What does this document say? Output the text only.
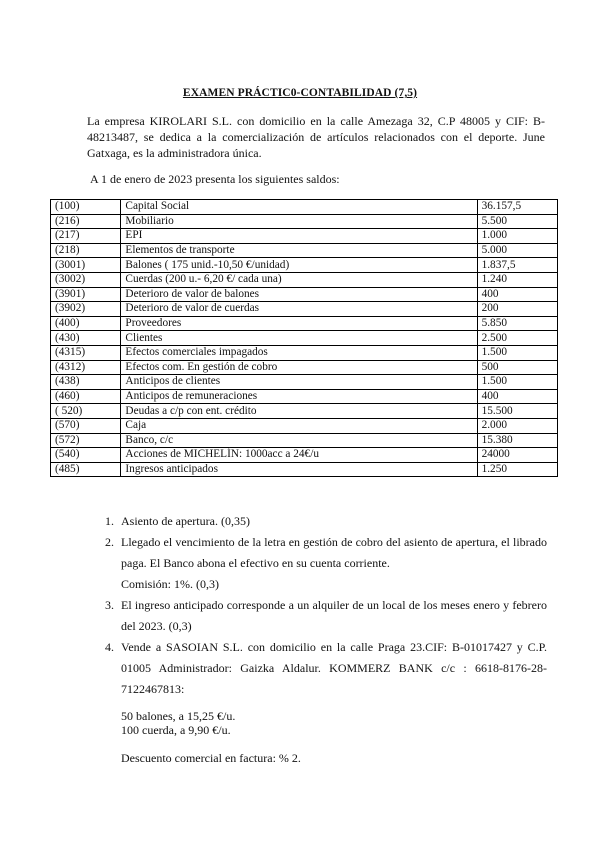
EXAMEN PRÁCTIC0-CONTABILIDAD (7,5)
La empresa KIROLARI S.L. con domicilio en la calle Amezaga 32, C.P 48005 y CIF: B-48213487, se dedica a la comercialización de artículos relacionados con el deporte. June Gatxaga, es la administradora única.
A 1 de enero de 2023 presenta los siguientes saldos:
(100)	Capital Social	36.157,5
(216)	Mobiliario	5.500
(217)	EPI	1.000
(218)	Elementos de transporte	5.000
(3001)	Balones ( 175 unid.-10,50 €/unidad)	1.837,5
(3002)	Cuerdas (200 u.- 6,20 €/ cada una)	1.240
(3901)	Deterioro de valor de balones	400
(3902)	Deterioro de valor de cuerdas	200
(400)	Proveedores	5.850
(430)	Clientes	2.500
(4315)	Efectos comerciales impagados	1.500
(4312)	Efectos com. En gestión de cobro	500
(438)	Anticipos de clientes	1.500
(460)	Anticipos de remuneraciones	400
( 520)	Deudas a c/p con ent. crédito	15.500
(570)	Caja	2.000
(572)	Banco, c/c	15.380
(540)	Acciones de MICHELÍN: 1000acc a 24€/u	24000
(485)	Ingresos anticipados	1.250
1. Asiento de apertura. (0,35)
2. Llegado el vencimiento de la letra en gestión de cobro del asiento de apertura, el librado paga. El Banco abona el efectivo en su cuenta corriente.
Comisión: 1%. (0,3)
3. El ingreso anticipado corresponde a un alquiler de un local de los meses enero y febrero del 2023. (0,3)
4. Vende a SASOIAN S.L. con domicilio en la calle Praga 23.CIF: B-01017427 y C.P. 01005 Administrador: Gaizka Aldalur. KOMMERZ BANK c/c : 6618-8176-28-7122467813:
50 balones, a 15,25 €/u.
100 cuerda, a 9,90 €/u.
Descuento comercial en factura: % 2.
